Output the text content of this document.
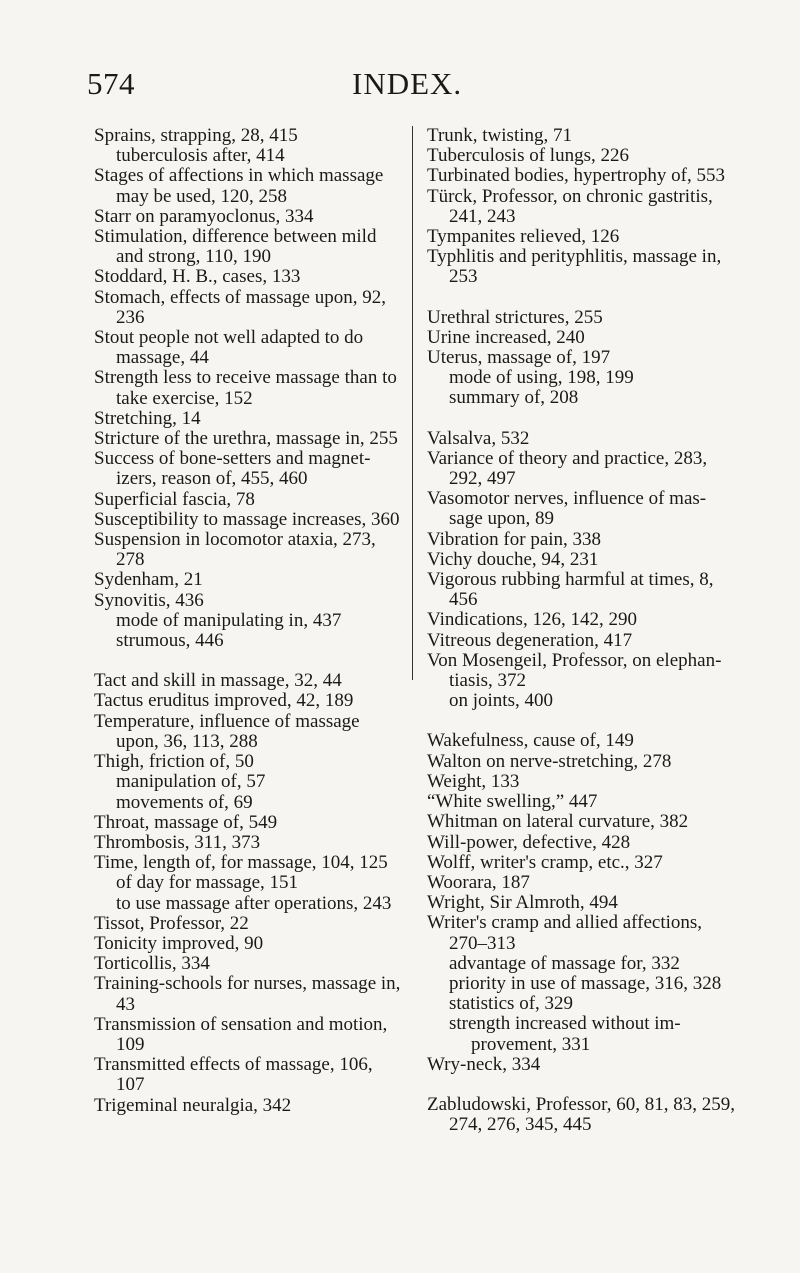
574	INDEX.

Sprains, strapping, 28, 415

tuberculosis after, 414

Stages of affections in which massage may be used, 120, 258

Starr on paramyoclonus, 334

Stimulation, difference between mild and strong, 110, 190

Stoddard, H. B., cases, 133

Stomach, effects of massage upon, 92, 236

Stout people not well adapted to do massage, 44

Strength less to receive massage than to take exercise, 152

Stretching, 14

Stricture of the urethra, massage in, 255

Success of bone-setters and magnet-izers, reason of, 455, 460

Superficial fascia, 78

Susceptibility to massage increases, 360

Suspension in locomotor ataxia, 273, 278

Sydenham, 21

Synovitis, 436

mode of manipulating in, 437

strumous, 446

Tact and skill in massage, 32, 44

Tactus eruditus improved, 42, 189

Temperature, influence of massage upon, 36, 113, 288

Thigh, friction of, 50

manipulation of, 57

movements of, 69

Throat, massage of, 549

Thrombosis, 311, 373

Time, length of, for massage, 104, 125

of day for massage, 151

to use massage after operations, 243

Tissot, Professor, 22

Tonicity improved, 90

Torticollis, 334

Training-schools for nurses, massage in, 43

Transmission of sensation and motion, 109

Transmitted effects of massage, 106, 107

Trigeminal neuralgia, 342

Trunk, twisting, 71

Tuberculosis of lungs, 226

Turbinated bodies, hypertrophy of, 553

Türck, Professor, on chronic gastritis, 241, 243

Tympanites relieved, 126

Typhlitis and perityphlitis, massage in, 253

Urethral strictures, 255

Urine increased, 240

Uterus, massage of, 197

mode of using, 198, 199

summary of, 208

Valsalva, 532

Variance of theory and practice, 283, 292, 497

Vasomotor nerves, influence of mas-sage upon, 89

Vibration for pain, 338

Vichy douche, 94, 231

Vigorous rubbing harmful at times, 8, 456

Vindications, 126, 142, 290

Vitreous degeneration, 417

Von Mosengeil, Professor, on elephan-tiasis, 372

on joints, 400

Wakefulness, cause of, 149

Walton on nerve-stretching, 278

Weight, 133

“White swelling,” 447

Whitman on lateral curvature, 382

Will-power, defective, 428

Wolff, writer's cramp, etc., 327

Woorara, 187

Wright, Sir Almroth, 494

Writer's cramp and allied affections, 270–313

advantage of massage for, 332

priority in use of massage, 316, 328

statistics of, 329

strength increased without im-provement, 331

Wry-neck, 334

Zabludowski, Professor, 60, 81, 83, 259, 274, 276, 345, 445
